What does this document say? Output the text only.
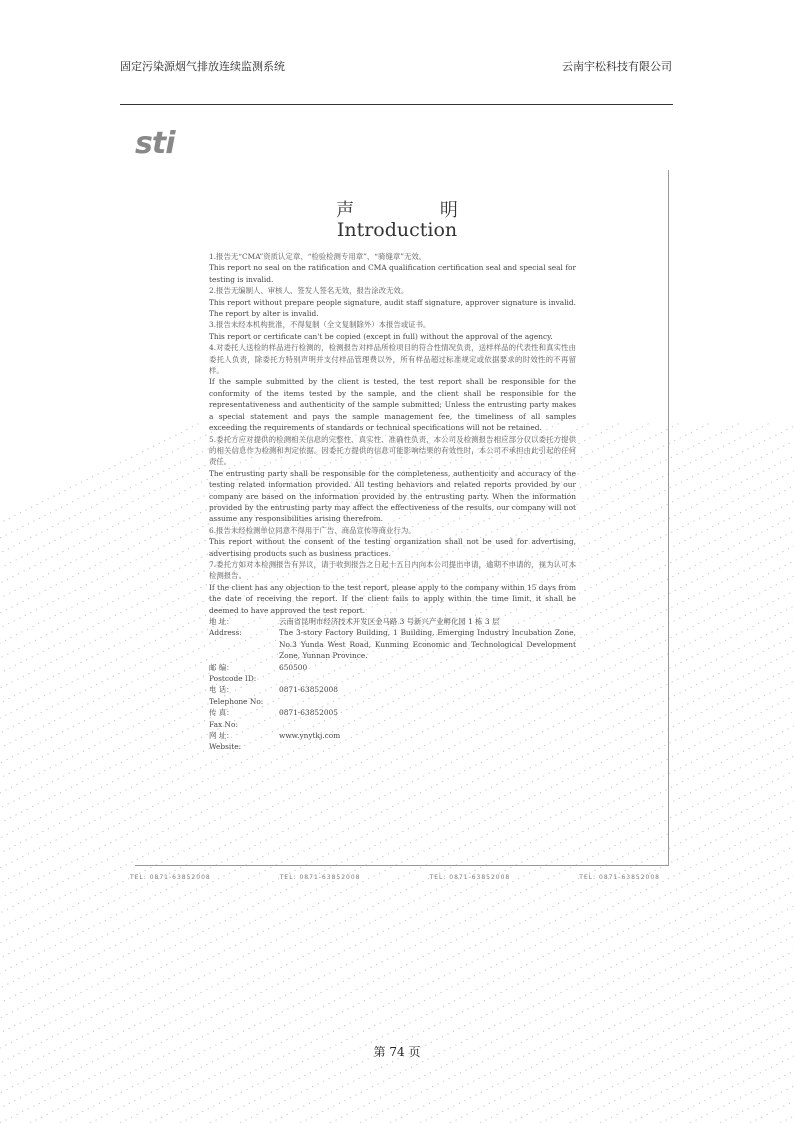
固定污染源烟气排放连续监测系统	云南宇松科技有限公司
sti
声 明
Introduction

1.报告无“CMA”资质认定章、“检验检测专用章”、“骑缝章”无效。

This report no seal on the ratification and CMA qualification certification seal and special seal for testing is invalid.

2.报告无编制人、审核人、签发人签名无效，报告涂改无效。

This report without prepare people signature, audit staff signature, approver signature is invalid. The report by alter is invalid.

3.报告未经本机构批准，不得复制（全文复制除外）本报告或证书。

This report or certificate can't be copied (except in full) without the approval of the agency.

4.对委托人送检的样品进行检测的，检测报告对样品所检项目的符合性情况负责，送样样品的代表性和真实性由委托人负责，除委托方特别声明并支付样品管理费以外，所有样品超过标准规定或依据要求的时效性的不再留样。

If the sample submitted by the client is tested, the test report shall be responsible for the conformity of the items tested by the sample, and the client shall be responsible for the representativeness and authenticity of the sample submitted; Unless the entrusting party makes a special statement and pays the sample management fee, the timeliness of all samples exceeding the requirements of standards or technical specifications will not be retained.

5.委托方应对提供的检测相关信息的完整性、真实性、准确性负责，本公司及检测报告相应部分仅以委托方提供的相关信息作为检测和判定依据。因委托方提供的信息可能影响结果的有效性时，本公司不承担由此引起的任何责任。

The entrusting party shall be responsible for the completeness, authenticity and accuracy of the testing related information provided. All testing behaviors and related reports provided by our company are based on the information provided by the entrusting party. When the information provided by the entrusting party may affect the effectiveness of the results, our company will not assume any responsibilities arising therefrom.

6.报告未经检测单位同意不得用于广告、商品宣传等商业行为。

This report without the consent of the testing organization shall not be used for advertising, advertising products such as business practices.

7.委托方如对本检测报告有异议，请于收到报告之日起十五日内向本公司提出申请，逾期不申请的，视为认可本检测报告。

If the client has any objection to the test report, please apply to the company within 15 days from the date of receiving the report. If the client fails to apply within the time limit, it shall be deemed to have approved the test report.

地 址：	云南省昆明市经济技术开发区金马路 3 号新兴产业孵化园 1 栋 3 层
Address:	The 3-story Factory Building, 1 Building, Emerging Industry Incubation Zone, No.3 Yunda West Road, Kunming Economic and Technological Development Zone, Yunnan Province.
邮 编：	650500
Postcode ID:
电 话：	0871-63852008
Telephone No:
传 真：	0871-63852005
Fax No:
网 址：	www.ynytkj.com
Website:
TEL: 0871-63852008	TEL: 0871-63852008	TEL: 0871-63852008	TEL: 0871-63852008
第 74 页
